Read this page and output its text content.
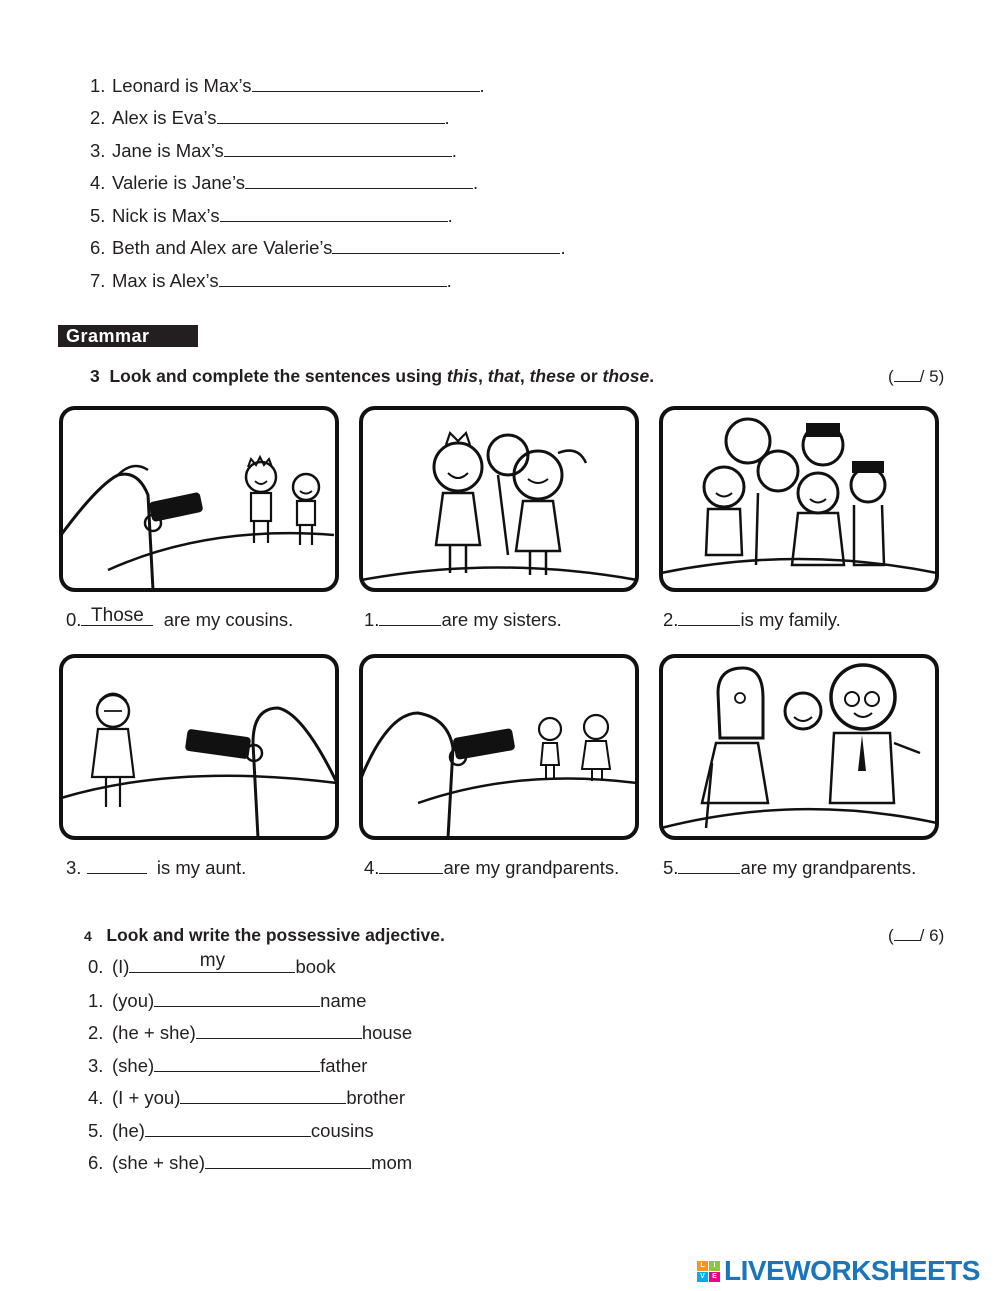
1. Leonard is Max’s	.
2. Alex is Eva’s	.
3. Jane is Max’s	.
4. Valerie is Jane’s	.
5. Nick is Max’s	.
6. Beth and Alex are Valerie’s	.
7. Max is Alex’s	.
Grammar
3 Look and complete the sentences using this, that, these or those.	( / 5)
0. Those	are my cousins.	1.	are my sisters.	2.	is my family.
3.	is my aunt.	4.	are my grandparents. 5.	are my grandparents.
4 Look and write the possessive adjective.	( / 6)
0. (I)	my	book
1. (you)	name
2. (he + she)	house
3. (she)	father
4. (I + you)	brother
5. (he)	cousins
6. (she + she)	mom
L	I
V	E LIVEWORKSHEETS
